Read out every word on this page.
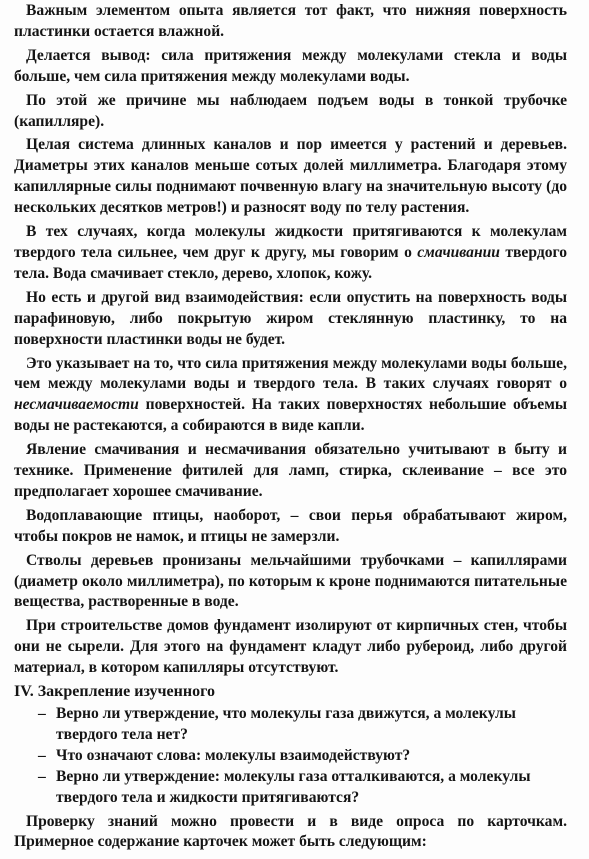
Важным элементом опыта является тот факт, что нижняя поверхность пластинки остается влажной.

Делается вывод: сила притяжения между молекулами стекла и воды больше, чем сила притяжения между молекулами воды.

По этой же причине мы наблюдаем подъем воды в тонкой трубочке (капилляре).

Целая система длинных каналов и пор имеется у растений и деревьев. Диаметры этих каналов меньше сотых долей миллиметра. Благодаря этому капиллярные силы поднимают почвенную влагу на значительную высоту (до нескольких десятков метров!) и разносят воду по телу растения.

В тех случаях, когда молекулы жидкости притягиваются к молекулам твердого тела сильнее, чем друг к другу, мы говорим о смачивании твердого тела. Вода смачивает стекло, дерево, хлопок, кожу.

Но есть и другой вид взаимодействия: если опустить на поверхность воды парафиновую, либо покрытую жиром стеклянную пластинку, то на поверхности пластинки воды не будет.

Это указывает на то, что сила притяжения между молекулами воды больше, чем между молекулами воды и твердого тела. В таких случаях говорят о несмачиваемости поверхностей. На таких поверхностях небольшие объемы воды не растекаются, а собираются в виде капли.

Явление смачивания и несмачивания обязательно учитывают в быту и технике. Применение фитилей для ламп, стирка, склеивание – все это предполагает хорошее смачивание.

Водоплавающие птицы, наоборот, – свои перья обрабатывают жиром, чтобы покров не намок, и птицы не замерзли.

Стволы деревьев пронизаны мельчайшими трубочками – капиллярами (диаметр около миллиметра), по которым к кроне поднимаются питательные вещества, растворенные в воде.

При строительстве домов фундамент изолируют от кирпичных стен, чтобы они не сырели. Для этого на фундамент кладут либо рубероид, либо другой материал, в котором капилляры отсутствуют.

IV. Закрепление изученного
– Верно ли утверждение, что молекулы газа движутся, а молекулы твердого тела нет?
– Что означают слова: молекулы взаимодействуют?
– Верно ли утверждение: молекулы газа отталкиваются, а молекулы твердого тела и жидкости притягиваются?

Проверку знаний можно провести и в виде опроса по карточкам. Примерное содержание карточек может быть следующим:
